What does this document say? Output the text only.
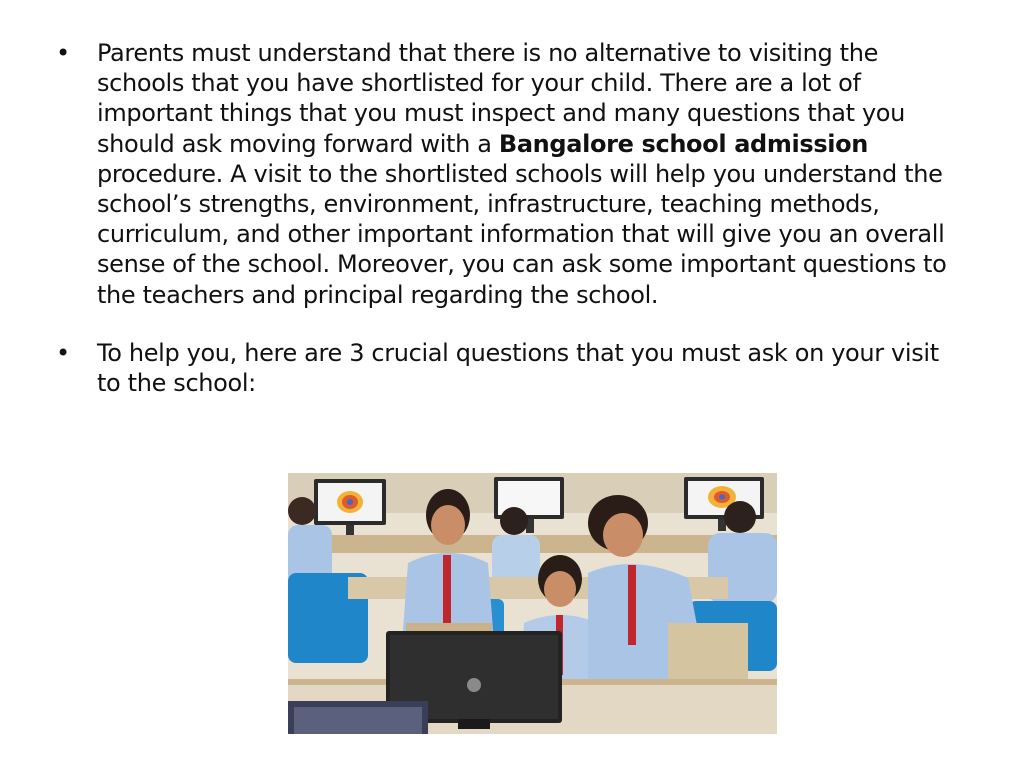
• Parents must understand that there is no alternative to visiting the schools that you have shortlisted for your child. There are a lot of important things that you must inspect and many questions that you should ask moving forward with a Bangalore school admission procedure. A visit to the shortlisted schools will help you understand the school’s strengths, environment, infrastructure, teaching methods, curriculum, and other important information that will give you an overall sense of the school. Moreover, you can ask some important questions to the teachers and principal regarding the school.
• To help you, here are 3 crucial questions that you must ask on your visit to the school:
